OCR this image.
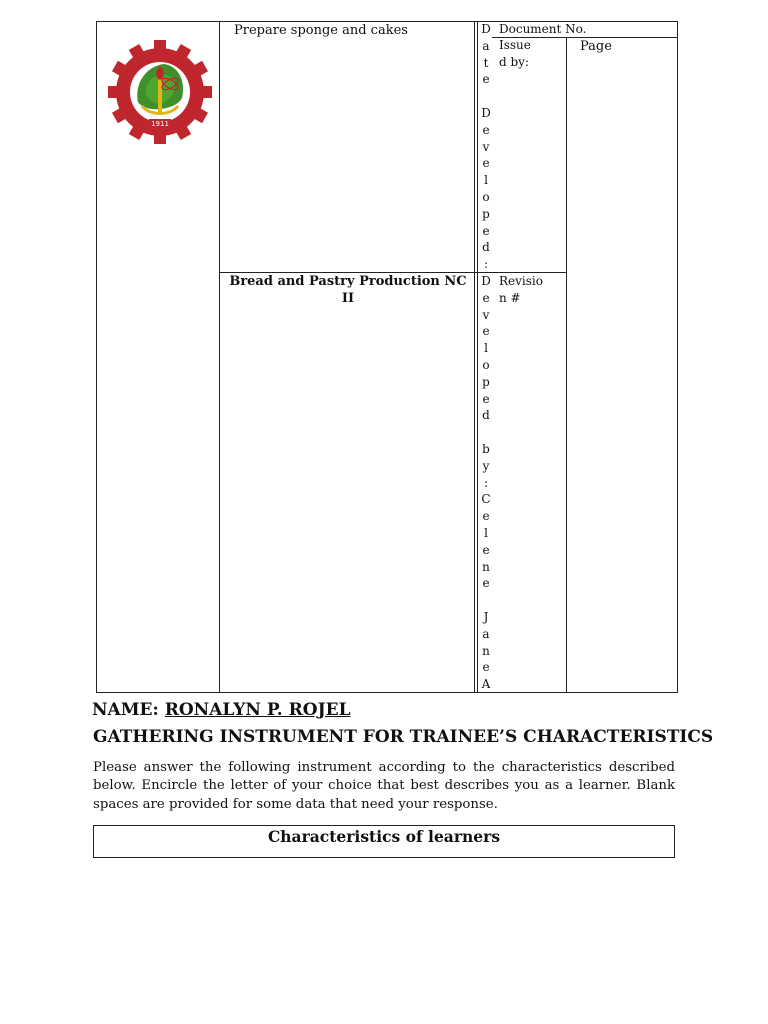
1911
Prepare sponge and cakes
Bread and Pastry Production NC II
Document No.
Issue
d by:
Page
Revisio
n #
D
a
t
e
D
e
v
e
l
o
p
e
d
:
D
e
v
e
l
o
p
e
d
b
y
:
C
e
l
e
n
e
J
a
n
e
A
NAME: RONALYN P. ROJEL
GATHERING INSTRUMENT FOR TRAINEE’S CHARACTERISTICS
Please answer the following instrument according to the characteristics described below. Encircle the letter of your choice that best describes you as a learner. Blank spaces are provided for some data that need your response.
Characteristics of learners
